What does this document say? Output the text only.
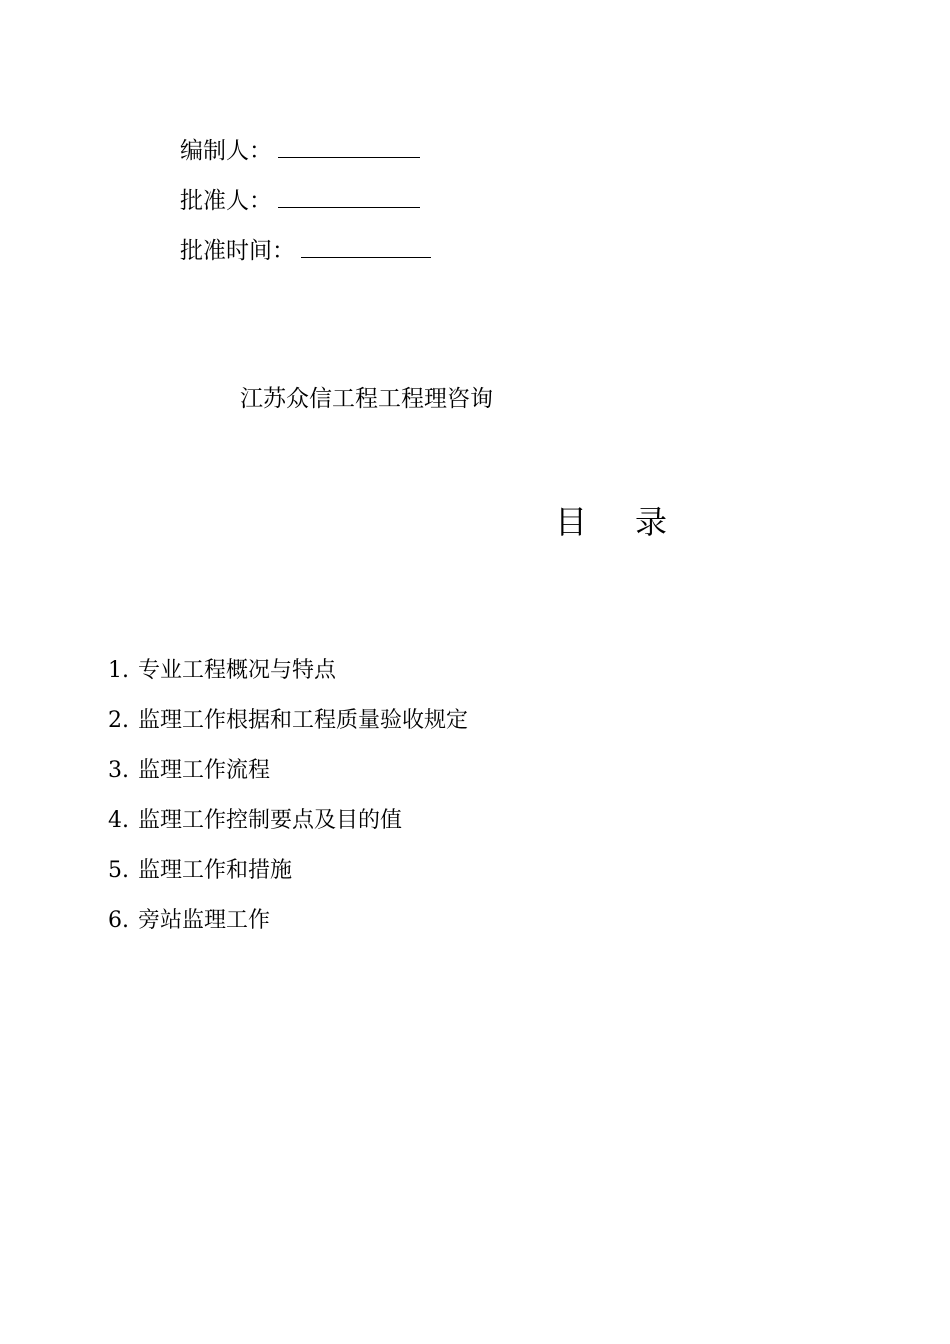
编制人：
批准人：
批准时间：
江苏众信工程工程理咨询
目 录
1. 专业工程概况与特点
2. 监理工作根据和工程质量验收规定
3. 监理工作流程
4. 监理工作控制要点及目的值
5. 监理工作和措施
6. 旁站监理工作
